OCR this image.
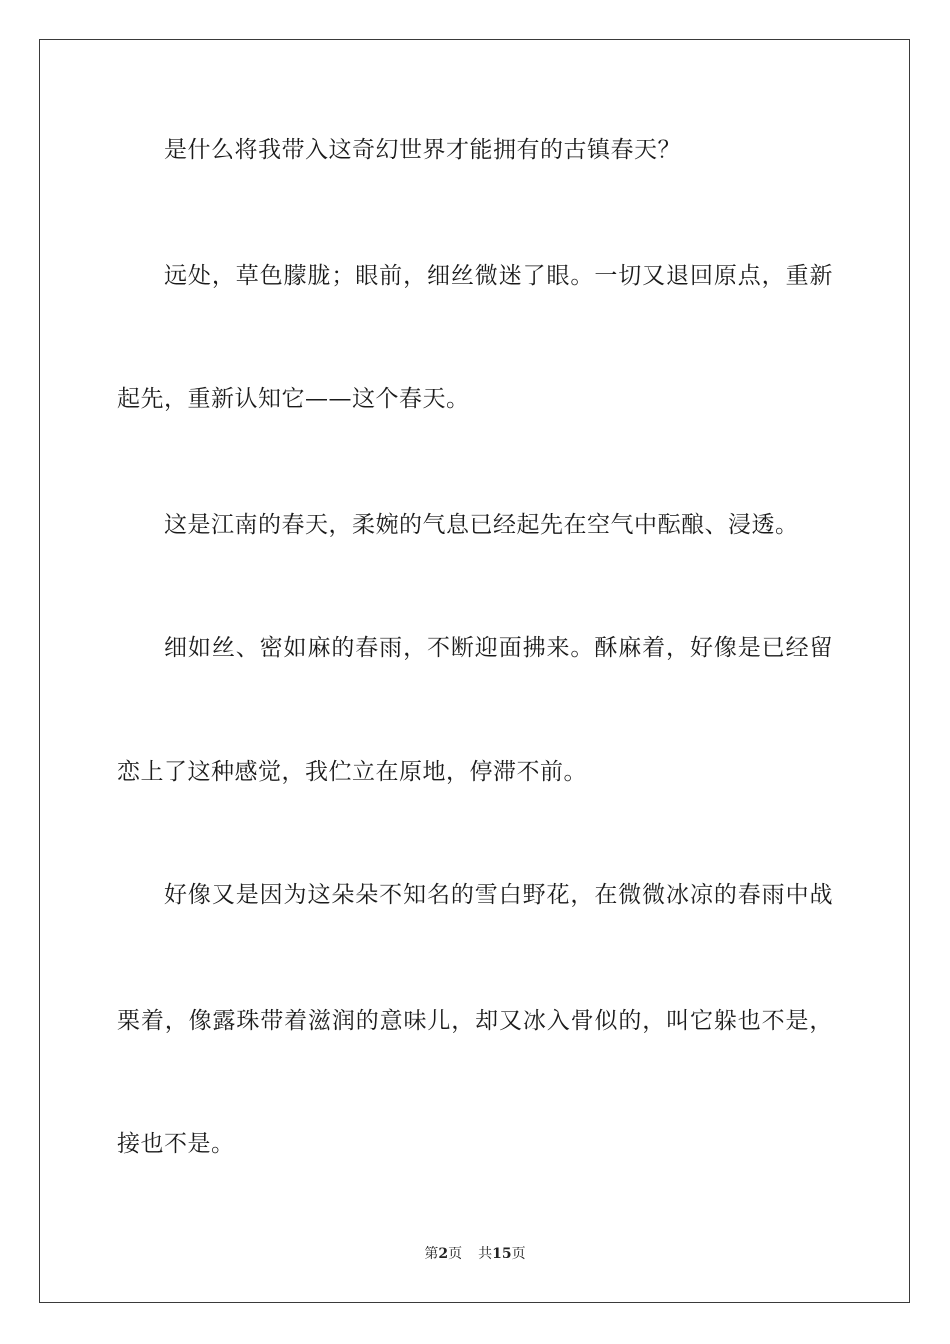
是什么将我带入这奇幻世界才能拥有的古镇春天？
远 处 ， 草 色 朦 胧 ； 眼 前 ， 细 丝 微 迷 了 眼 。 一 切 又 退 回 原 点 ， 重 新
起先，重新认知它——这个春天。
这是江南的春天，柔婉的气息已经起先在空气中酝酿、浸透。
细 如 丝 、 密 如 麻 的 春 雨 ， 不 断 迎 面 拂 来 。 酥 麻 着 ， 好 像 是 已 经 留
恋上了这种感觉，我伫立在原地，停滞不前。
好 像 又 是 因 为 这 朵 朵 不 知 名 的 雪 白 野 花 ， 在 微 微 冰 凉 的 春 雨 中 战
栗 着 ， 像 露 珠 带 着 滋 润 的 意 味 儿 ， 却 又 冰 入 骨 似 的 ， 叫 它 躲 也 不 是 ，
接也不是。
第2页 共15页
